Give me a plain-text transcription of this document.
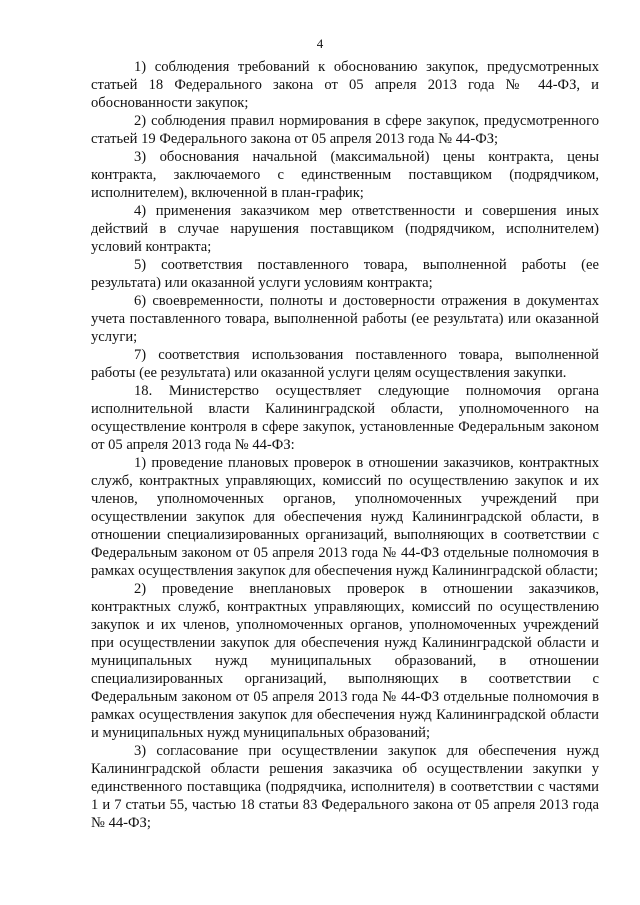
4

1) соблюдения требований к обоснованию закупок, предусмотренных статьей 18 Федерального закона от 05 апреля 2013 года № 44-ФЗ, и обоснованности закупок;

2) соблюдения правил нормирования в сфере закупок, предусмотренного статьей 19 Федерального закона от 05 апреля 2013 года № 44-ФЗ;

3) обоснования начальной (максимальной) цены контракта, цены контракта, заключаемого с единственным поставщиком (подрядчиком, исполнителем), включенной в план-график;

4) применения заказчиком мер ответственности и совершения иных действий в случае нарушения поставщиком (подрядчиком, исполнителем) условий контракта;

5) соответствия поставленного товара, выполненной работы (ее результата) или оказанной услуги условиям контракта;

6) своевременности, полноты и достоверности отражения в документах учета поставленного товара, выполненной работы (ее результата) или оказанной услуги;

7) соответствия использования поставленного товара, выполненной работы (ее результата) или оказанной услуги целям осуществления закупки.

18. Министерство осуществляет следующие полномочия органа исполнительной власти Калининградской области, уполномоченного на осуществление контроля в сфере закупок, установленные Федеральным законом от 05 апреля 2013 года № 44-ФЗ:

1) проведение плановых проверок в отношении заказчиков, контрактных служб, контрактных управляющих, комиссий по осуществлению закупок и их членов, уполномоченных органов, уполномоченных учреждений при осуществлении закупок для обеспечения нужд Калининградской области, в отношении специализированных организаций, выполняющих в соответствии с Федеральным законом от 05 апреля 2013 года № 44-ФЗ отдельные полномочия в рамках осуществления закупок для обеспечения нужд Калининградской области;

2) проведение внеплановых проверок в отношении заказчиков, контрактных служб, контрактных управляющих, комиссий по осуществлению закупок и их членов, уполномоченных органов, уполномоченных учреждений при осуществлении закупок для обеспечения нужд Калининградской области и муниципальных нужд муниципальных образований, в отношении специализированных организаций, выполняющих в соответствии с Федеральным законом от 05 апреля 2013 года № 44-ФЗ отдельные полномочия в рамках осуществления закупок для обеспечения нужд Калининградской области и муниципальных нужд муниципальных образований;

3) согласование при осуществлении закупок для обеспечения нужд Калининградской области решения заказчика об осуществлении закупки у единственного поставщика (подрядчика, исполнителя) в соответствии с частями 1 и 7 статьи 55, частью 18 статьи 83 Федерального закона от 05 апреля 2013 года № 44-ФЗ;
